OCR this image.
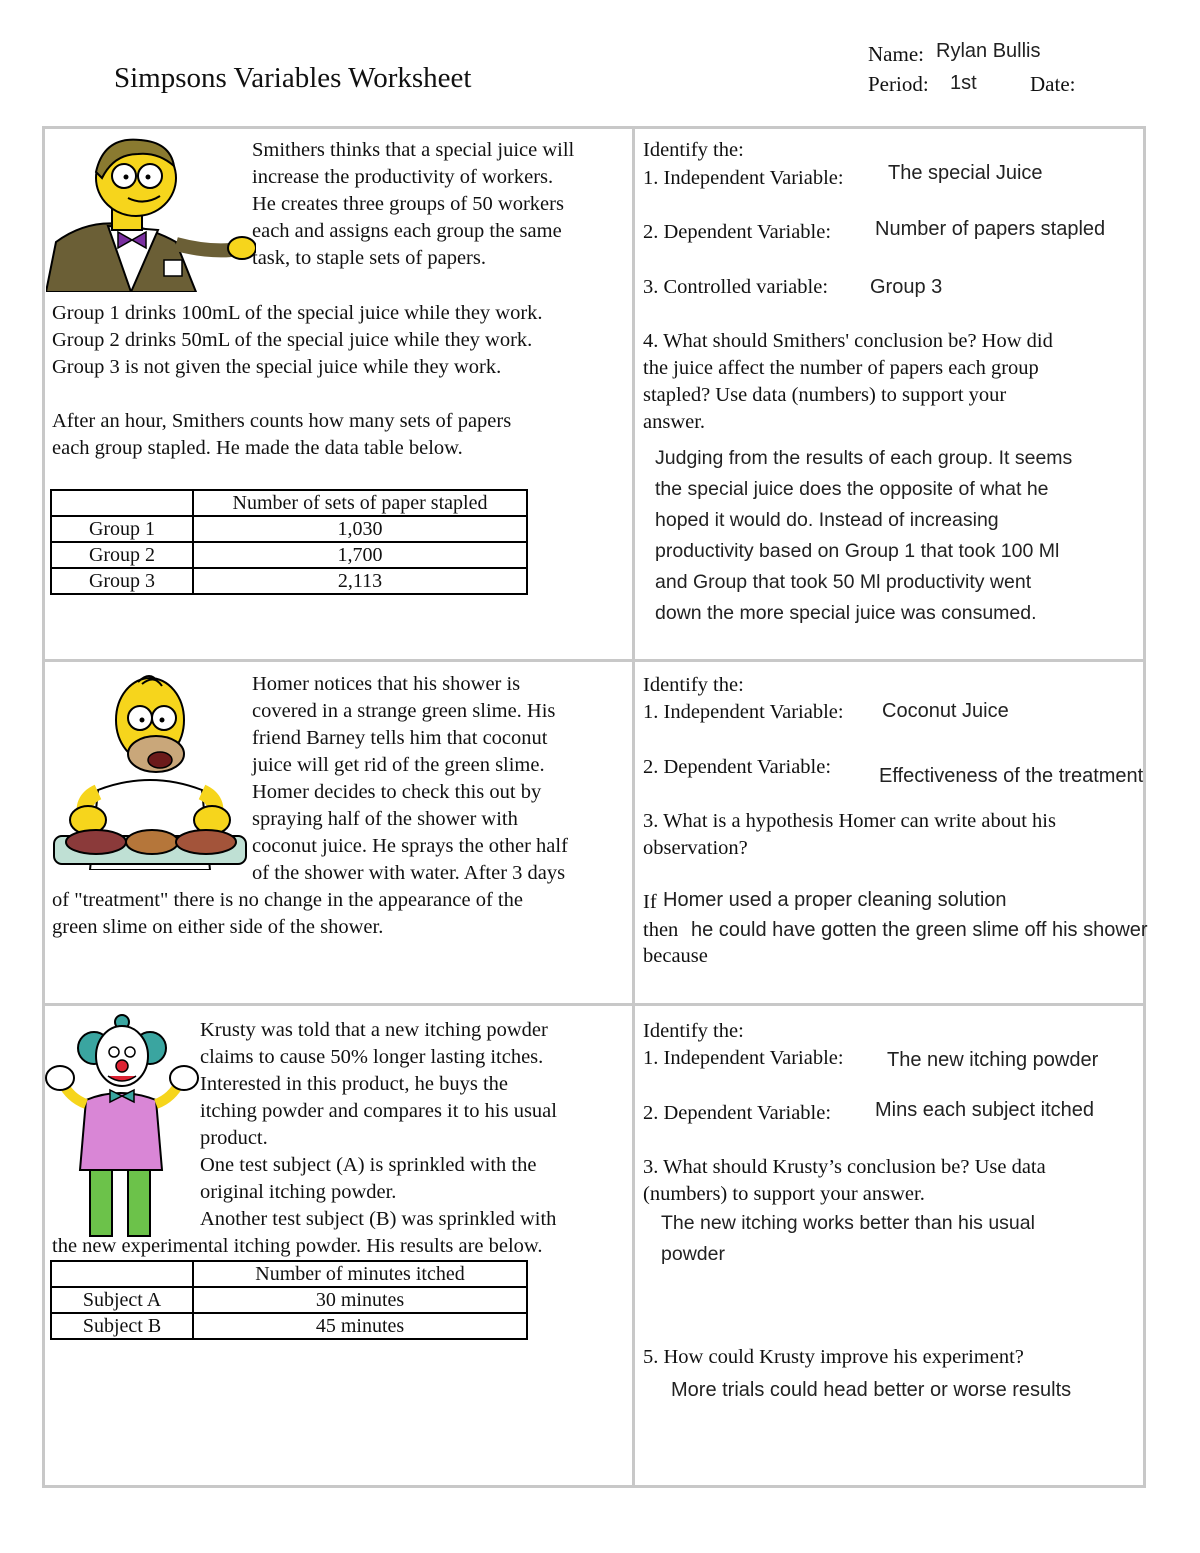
Simpsons Variables Worksheet
Name: Rylan Bullis
Period: 1st	Date:
Smithers thinks that a special juice will
increase the productivity of workers.
He creates three groups of 50 workers
each and assigns each group the same
task, to staple sets of papers.
Group 1 drinks 100mL of the special juice while they work.
Group 2 drinks 50mL of the special juice while they work.
Group 3 is not given the special juice while they work.
After an hour, Smithers counts how many sets of papers
each group stapled. He made the data table below.
	Number of sets of paper stapled
Group 1	1,030
Group 2	1,700
Group 3	2,113
Identify the:
1. Independent Variable: The special Juice
2. Dependent Variable: Number of papers stapled
3. Controlled variable: Group 3
4. What should Smithers' conclusion be? How did
the juice affect the number of papers each group
stapled? Use data (numbers) to support your
answer.
Judging from the results of each group. It seems
the special juice does the opposite of what he
hoped it would do. Instead of increasing
productivity based on Group 1 that took 100 Ml
and Group that took 50 Ml productivity went
down the more special juice was consumed.
Homer notices that his shower is
covered in a strange green slime. His
friend Barney tells him that coconut
juice will get rid of the green slime.
Homer decides to check this out by
spraying half of the shower with
coconut juice. He sprays the other half
of the shower with water. After 3 days
of "treatment" there is no change in the appearance of the
green slime on either side of the shower.
Identify the:
1. Independent Variable: Coconut Juice
2. Dependent Variable: Effectiveness of the treatment
3. What is a hypothesis Homer can write about his
observation?
If Homer used a proper cleaning solution
then he could have gotten the green slime off his shower
because
Krusty was told that a new itching powder
claims to cause 50% longer lasting itches.
Interested in this product, he buys the
itching powder and compares it to his usual
product.
One test subject (A) is sprinkled with the
original itching powder.
Another test subject (B) was sprinkled with
the new experimental itching powder. His results are below.
	Number of minutes itched
Subject A	30 minutes
Subject B	45 minutes
Identify the:
1. Independent Variable: The new itching powder
2. Dependent Variable: Mins each subject itched
3. What should Krusty’s conclusion be? Use data
(numbers) to support your answer.
The new itching works better than his usual
powder
5. How could Krusty improve his experiment?
More trials could head better or worse results
